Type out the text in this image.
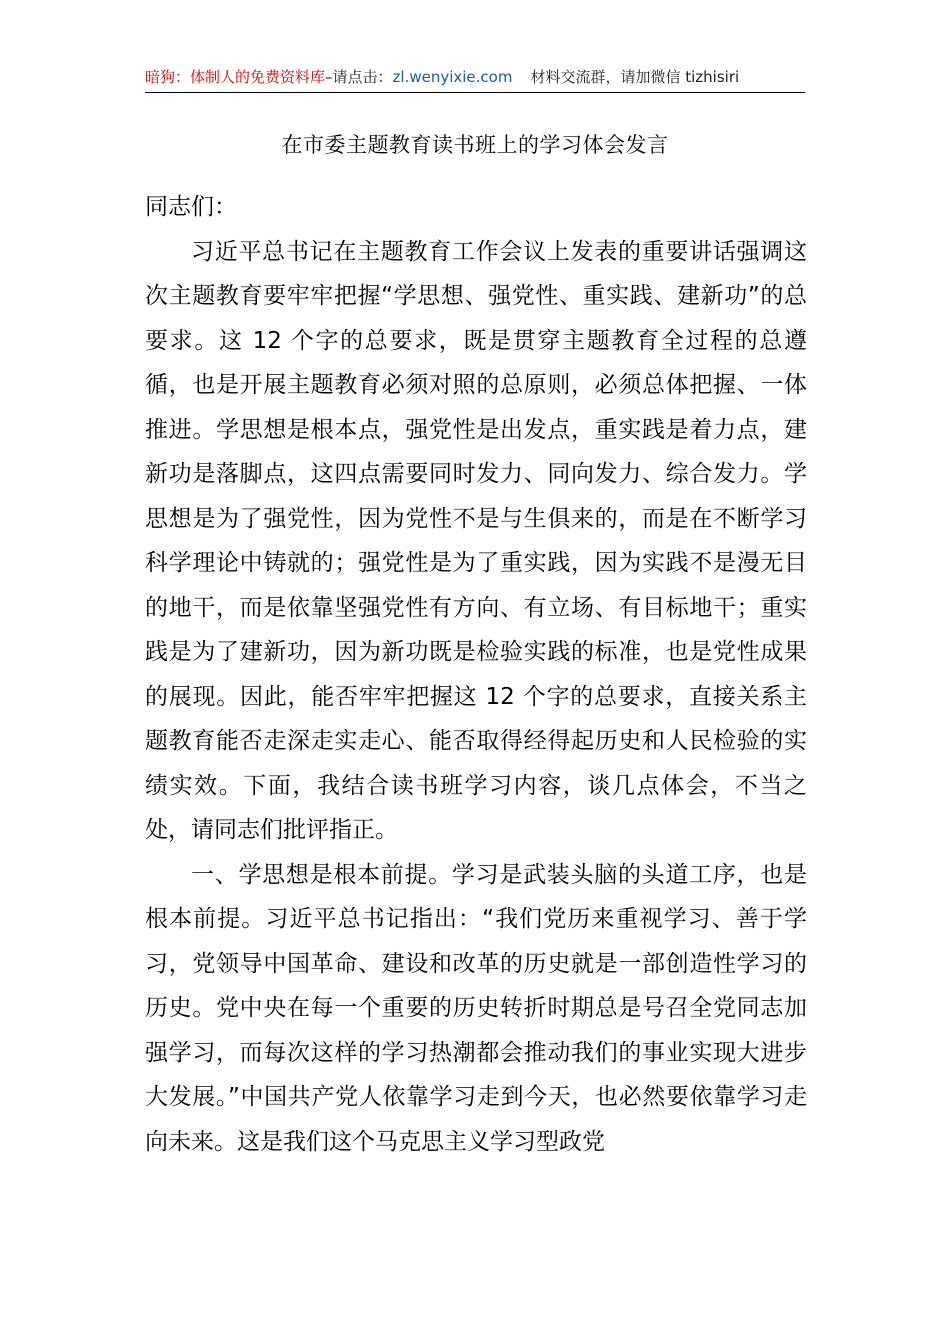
暗狗：体制人的免费资料库–请点击：zl.wenyixie.com 材料交流群，请加微信 tizhisiri
在市委主题教育读书班上的学习体会发言

同志们：

习近平总书记在主题教育工作会议上发表的重要讲话强调这次主题教育要牢牢把握“学思想、强党性、重实践、建新功”的总要求。这 12 个字的总要求，既是贯穿主题教育全过程的总遵循，也是开展主题教育必须对照的总原则，必须总体把握、一体推进。学思想是根本点，强党性是出发点，重实践是着力点，建新功是落脚点，这四点需要同时发力、同向发力、综合发力。学思想是为了强党性，因为党性不是与生俱来的，而是在不断学习科学理论中铸就的；强党性是为了重实践，因为实践不是漫无目的地干，而是依靠坚强党性有方向、有立场、有目标地干；重实践是为了建新功，因为新功既是检验实践的标准，也是党性成果的展现。因此，能否牢牢把握这 12 个字的总要求，直接关系主题教育能否走深走实走心、能否取得经得起历史和人民检验的实绩实效。下面，我结合读书班学习内容，谈几点体会，不当之处，请同志们批评指正。

一、学思想是根本前提。学习是武装头脑的头道工序，也是根本前提。习近平总书记指出：“我们党历来重视学习、善于学习，党领导中国革命、建设和改革的历史就是一部创造性学习的历史。党中央在每一个重要的历史转折时期总是号召全党同志加强学习，而每次这样的学习热潮都会推动我们的事业实现大进步大发展。”中国共产党人依靠学习走到今天，也必然要依靠学习走向未来。这是我们这个马克思主义学习型政党
